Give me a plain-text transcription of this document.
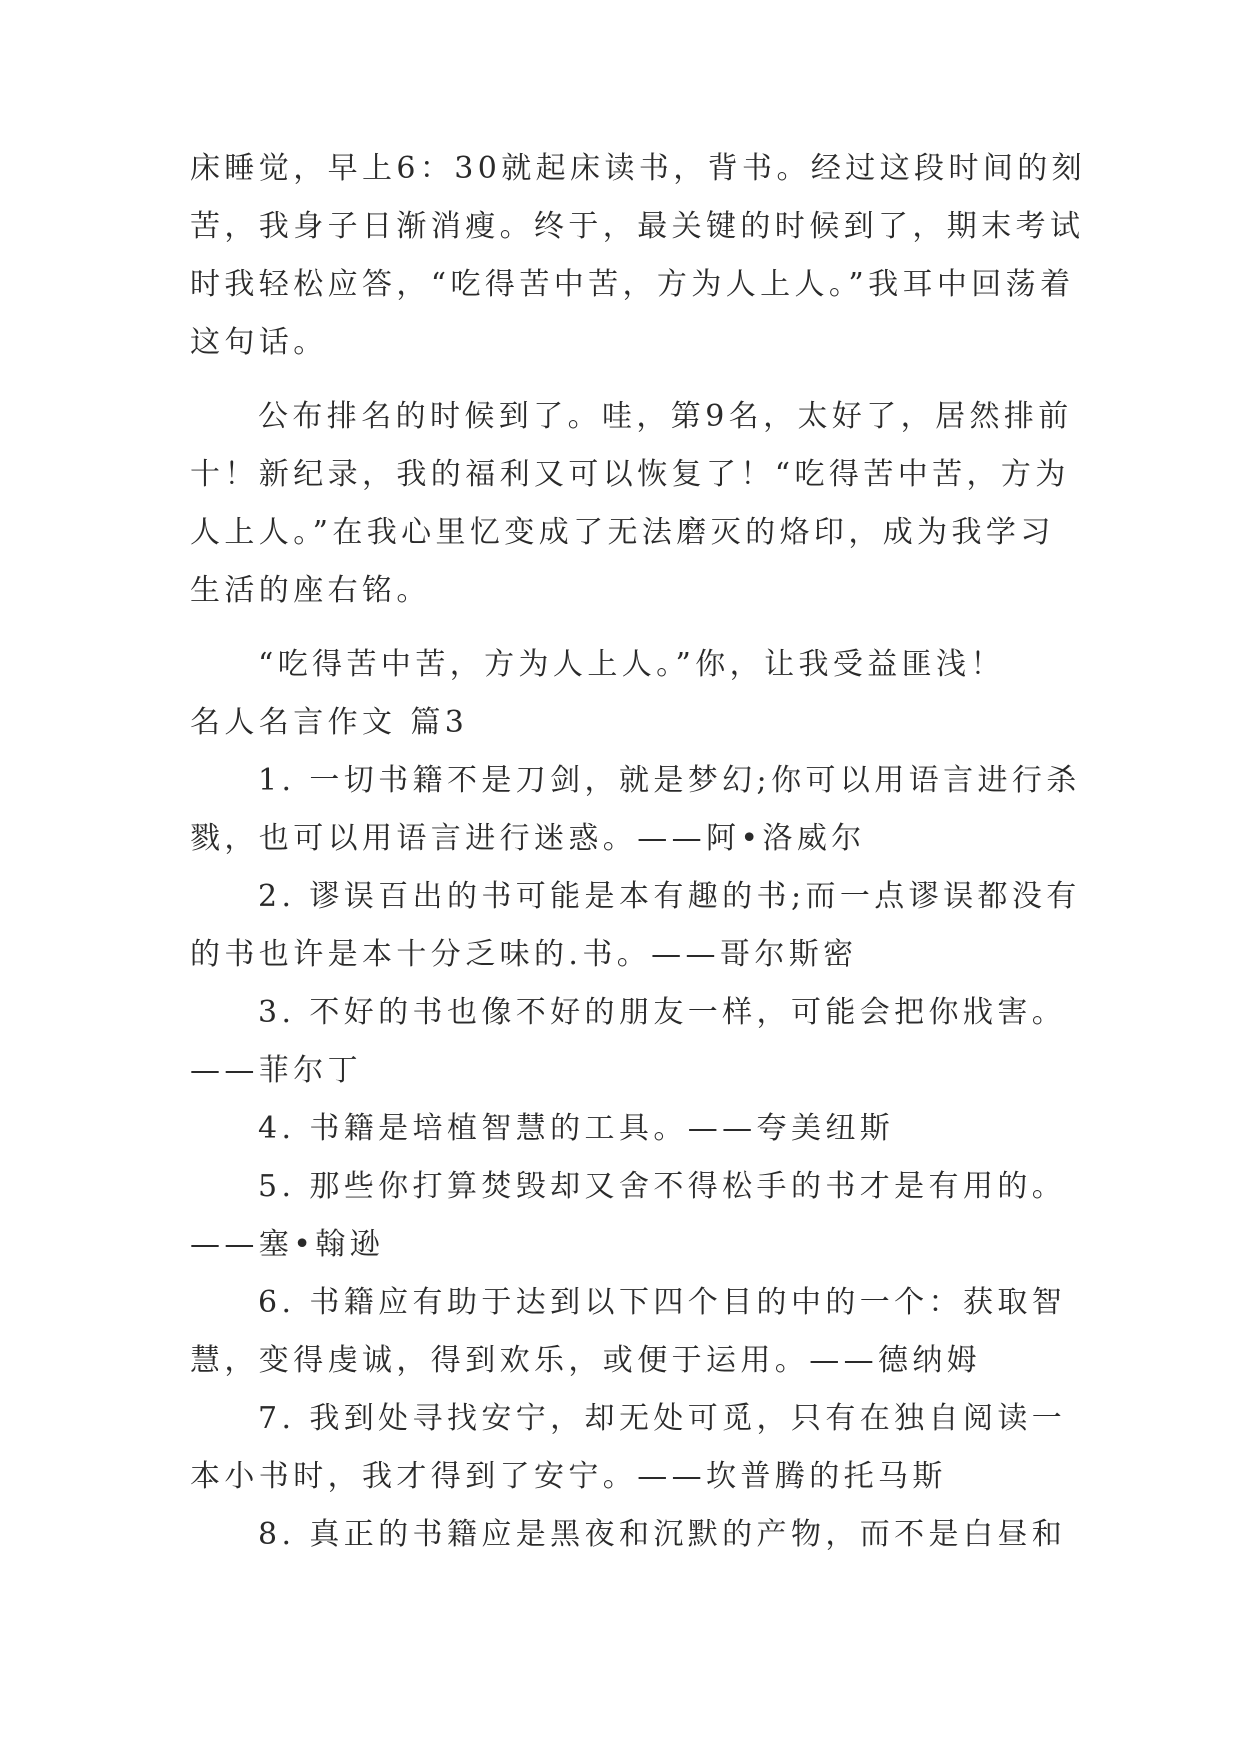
床睡觉，早上6：30就起床读书，背书。经过这段时间的刻
苦，我身子日渐消瘦。终于，最关键的时候到了，期末考试
时我轻松应答，“吃得苦中苦，方为人上人。”我耳中回荡着
这句话。
公布排名的时候到了。哇，第9名，太好了，居然排前
十！新纪录，我的福利又可以恢复了！“吃得苦中苦，方为
人上人。”在我心里忆变成了无法磨灭的烙印，成为我学习
生活的座右铭。
“吃得苦中苦，方为人上人。”你，让我受益匪浅！
名人名言作文 篇3
1. 一切书籍不是刀剑，就是梦幻;你可以用语言进行杀
戮，也可以用语言进行迷惑。——阿•洛威尔
2. 谬误百出的书可能是本有趣的书;而一点谬误都没有
的书也许是本十分乏味的.书。——哥尔斯密
3. 不好的书也像不好的朋友一样，可能会把你戕害。
——菲尔丁
4. 书籍是培植智慧的工具。——夸美纽斯
5. 那些你打算焚毁却又舍不得松手的书才是有用的。
——塞•翰逊
6. 书籍应有助于达到以下四个目的中的一个：获取智
慧，变得虔诚，得到欢乐，或便于运用。——德纳姆
7. 我到处寻找安宁，却无处可觅，只有在独自阅读一
本小书时，我才得到了安宁。——坎普腾的托马斯
8. 真正的书籍应是黑夜和沉默的产物，而不是白昼和
